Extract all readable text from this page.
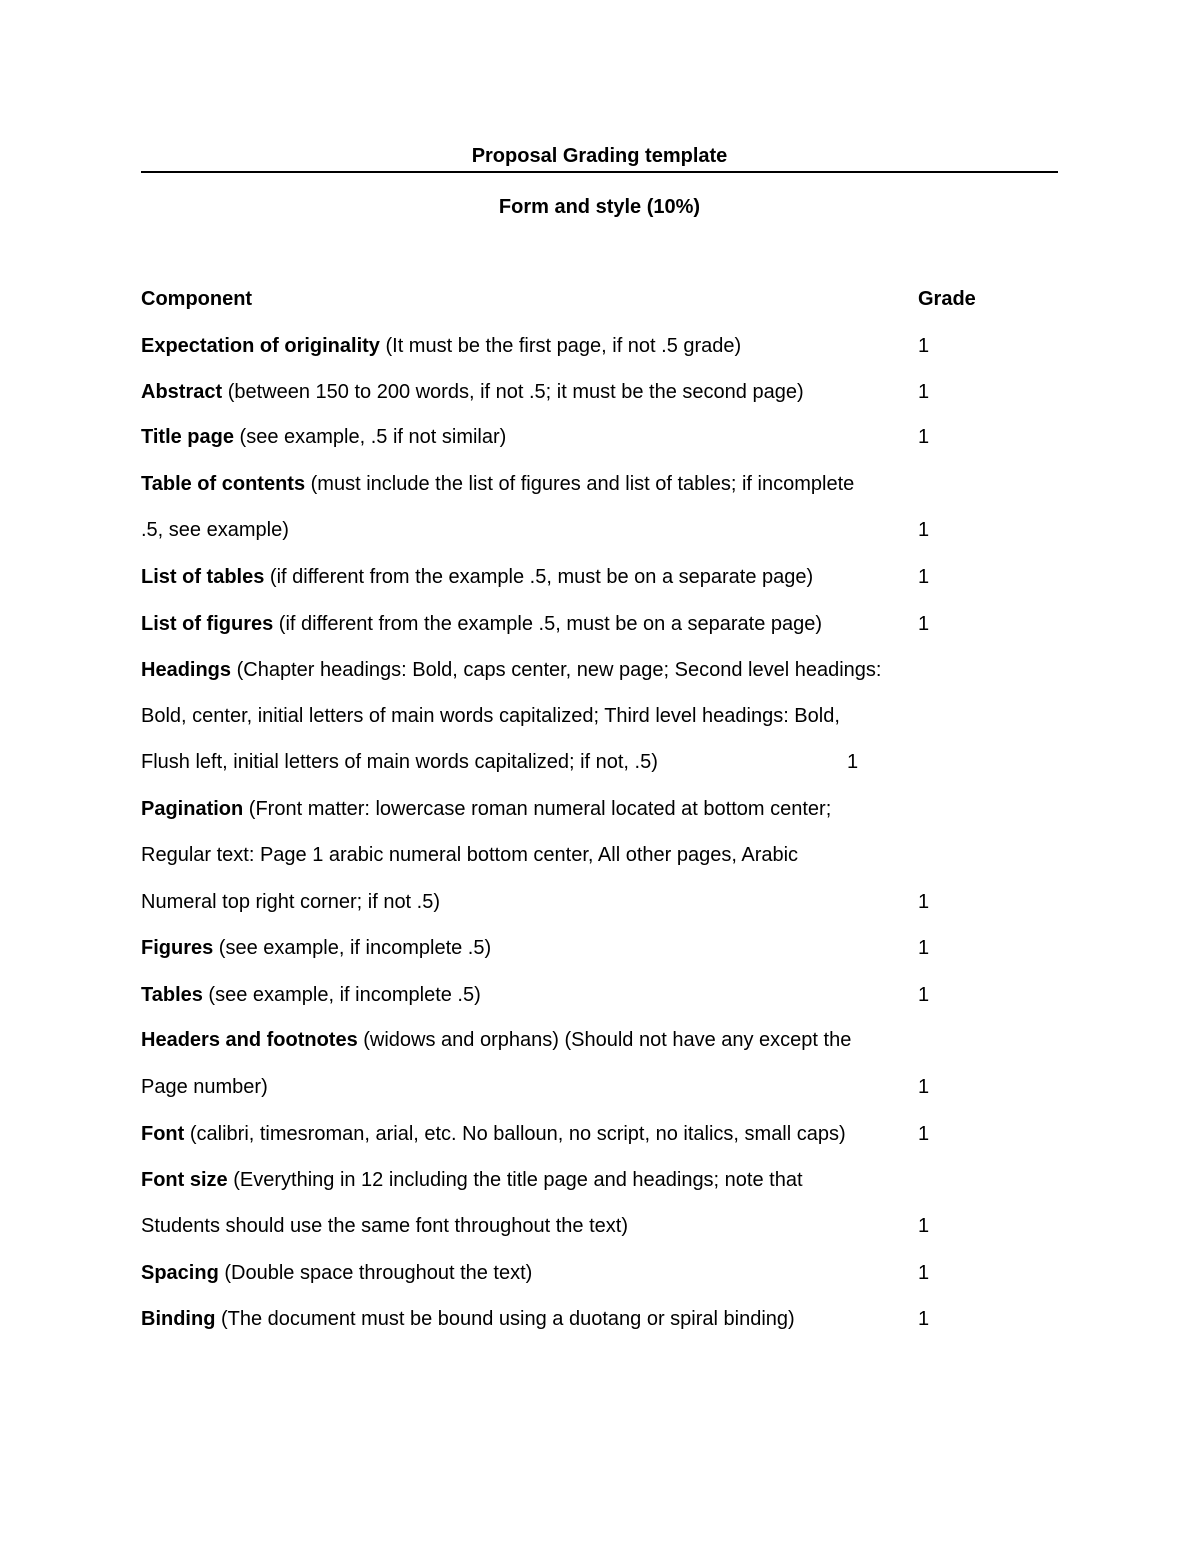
Proposal Grading template
Form and style (10%)
Component	Grade
Expectation of originality (It must be the first page, if not .5 grade)	1
Abstract (between 150 to 200 words, if not .5; it must be the second page)	1
Title page (see example, .5 if not similar)	1
Table of contents (must include the list of figures and list of tables; if incomplete
.5, see example)	1
List of tables (if different from the example .5, must be on a separate page)	1
List of figures (if different from the example .5, must be on a separate page)	1
Headings (Chapter headings: Bold, caps center, new page; Second level headings:
Bold, center, initial letters of main words capitalized; Third level headings: Bold,
Flush left, initial letters of main words capitalized; if not, .5)	1
Pagination (Front matter: lowercase roman numeral located at bottom center;
Regular text: Page 1 arabic numeral bottom center, All other pages, Arabic
Numeral top right corner; if not .5)	1
Figures (see example, if incomplete .5)	1
Tables (see example, if incomplete .5)	1
Headers and footnotes (widows and orphans) (Should not have any except the
Page number)	1
Font (calibri, timesroman, arial, etc. No balloun, no script, no italics, small caps)	1
Font size (Everything in 12 including the title page and headings; note that
Students should use the same font throughout the text)	1
Spacing (Double space throughout the text)	1
Binding (The document must be bound using a duotang or spiral binding)	1
